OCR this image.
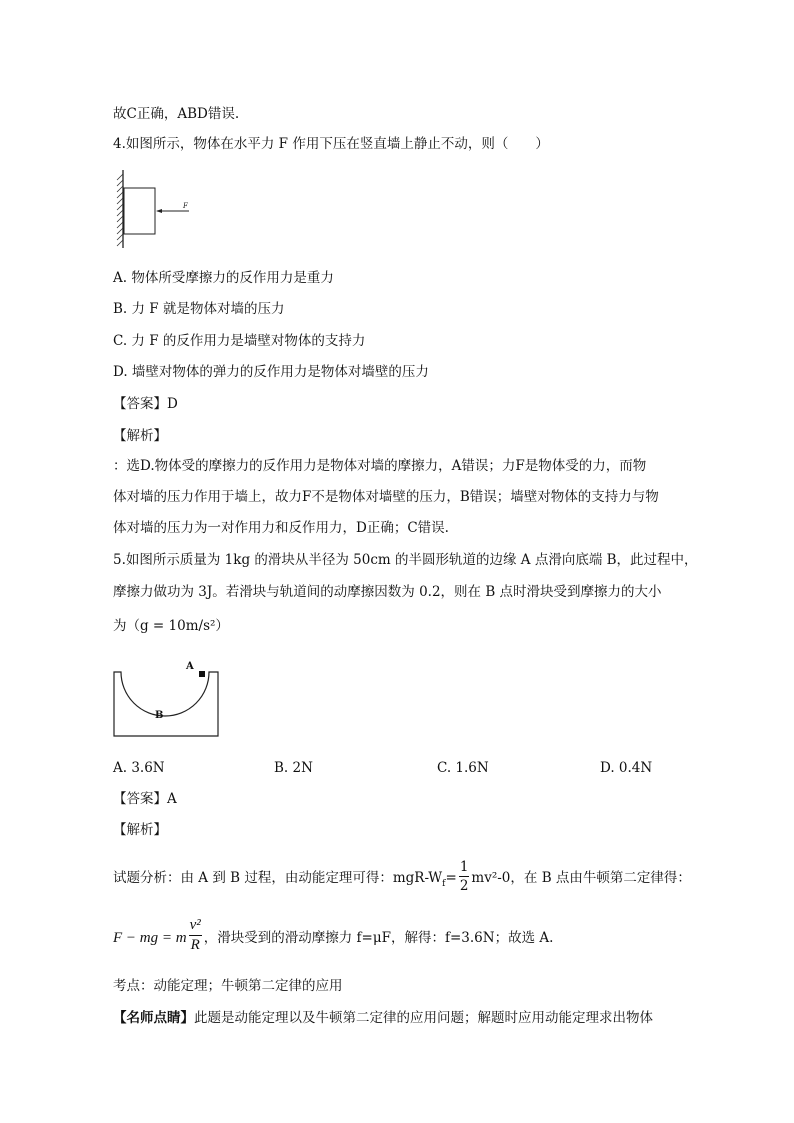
故C正确，ABD错误.
4.如图所示，物体在水平力 F 作用下压在竖直墙上静止不动，则（　　）
F
A. 物体所受摩擦力的反作用力是重力
B. 力 F 就是物体对墙的压力
C. 力 F 的反作用力是墙壁对物体的支持力
D. 墙壁对物体的弹力的反作用力是物体对墙壁的压力
【答案】D
【解析】
：选D.物体受的摩擦力的反作用力是物体对墙的摩擦力，A错误；力F是物体受的力，而物
体对墙的压力作用于墙上，故力F不是物体对墙壁的压力，B错误；墙壁对物体的支持力与物
体对墙的压力为一对作用力和反作用力，D正确；C错误.
5.如图所示质量为 1kg 的滑块从半径为 50cm 的半圆形轨道的边缘 A 点滑向底端 B，此过程中，
摩擦力做功为 3J。若滑块与轨道间的动摩擦因数为 0.2，则在 B 点时滑块受到摩擦力的大小
为（g = 10m/s²）
A
B
A. 3.6N	B. 2N	C. 1.6N	D. 0.4N
【答案】A
【解析】
试题分析：由 A 到 B 过程，由动能定理可得：mgR-$W_f= \frac{1}{2} mv^2-0$，在 B 点由牛顿第二定律得：
F − mg = m $\frac{\text{v²}}{R}$ ，滑块受到的滑动摩擦力 f=μF，解得：f=3.6N；故选 A.
考点：动能定理；牛顿第二定律的应用
【名师点睛】此题是动能定理以及牛顿第二定律的应用问题；解题时应用动能定理求出物体
